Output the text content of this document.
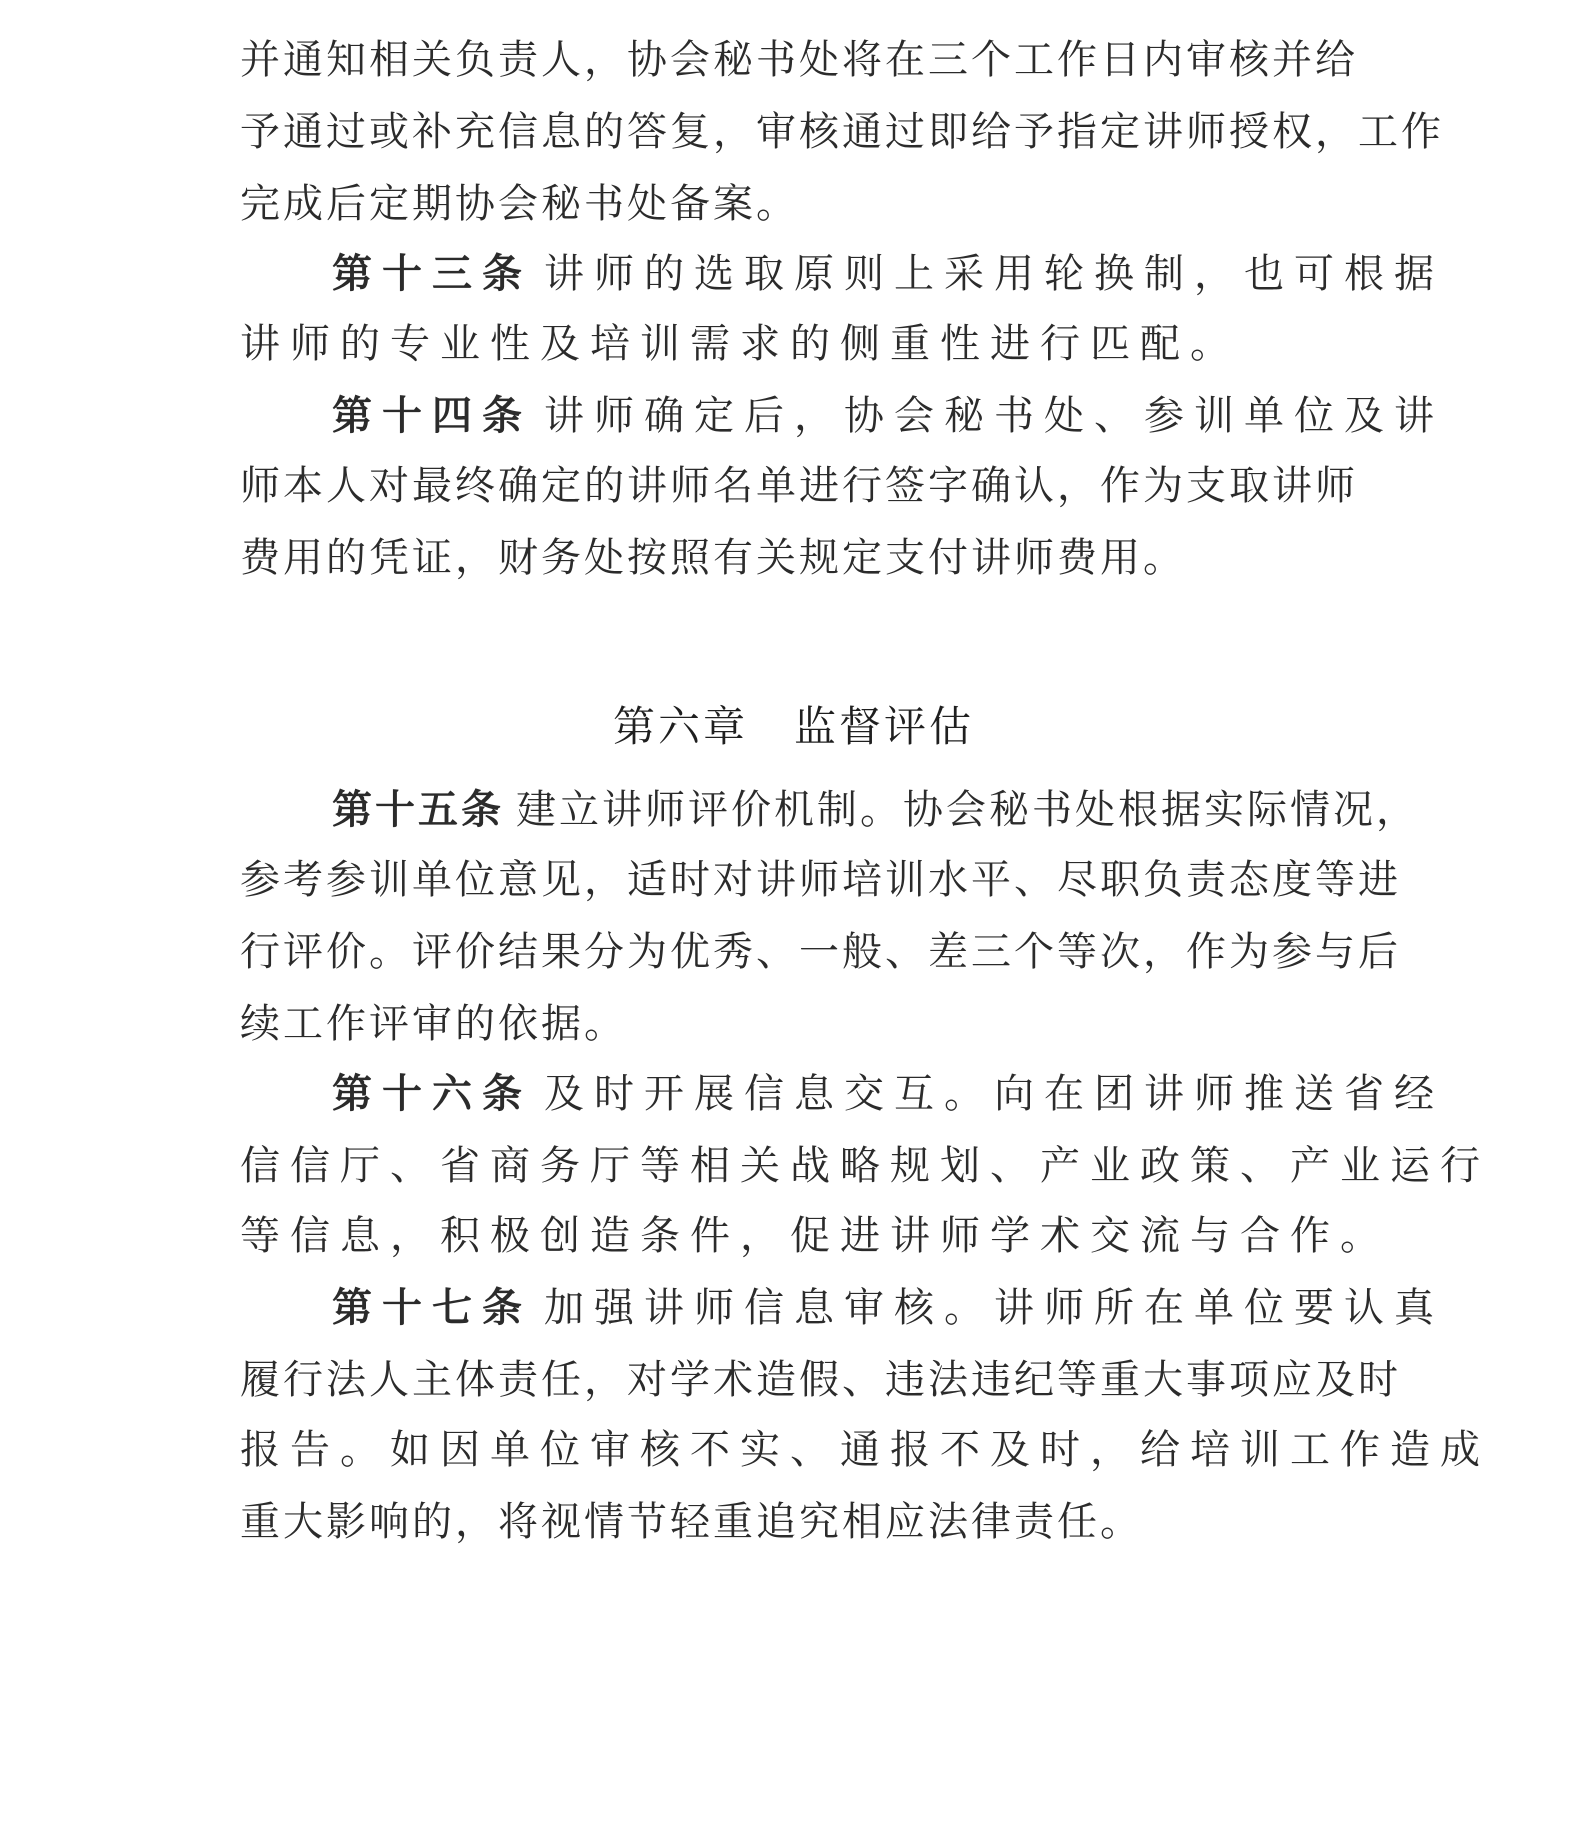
并通知相关负责人，协会秘书处将在三个工作日内审核并给

予通过或补充信息的答复，审核通过即给予指定讲师授权，工作

完成后定期协会秘书处备案。

第十三条 讲师的选取原则上采用轮换制，也可根据

讲师的专业性及培训需求的侧重性进行匹配。

第十四条 讲师确定后，协会秘书处、参训单位及讲

师本人对最终确定的讲师名单进行签字确认，作为支取讲师

费用的凭证，财务处按照有关规定支付讲师费用。

第六章 监督评估

第十五条 建立讲师评价机制。协会秘书处根据实际情况，

参考参训单位意见，适时对讲师培训水平、尽职负责态度等进

行评价。评价结果分为优秀、一般、差三个等次，作为参与后

续工作评审的依据。

第十六条 及时开展信息交互。向在团讲师推送省经

信信厅、省商务厅等相关战略规划、产业政策、产业运行

等信息，积极创造条件，促进讲师学术交流与合作。

第十七条 加强讲师信息审核。讲师所在单位要认真

履行法人主体责任，对学术造假、违法违纪等重大事项应及时

报告。如因单位审核不实、通报不及时，给培训工作造成

重大影响的，将视情节轻重追究相应法律责任。
